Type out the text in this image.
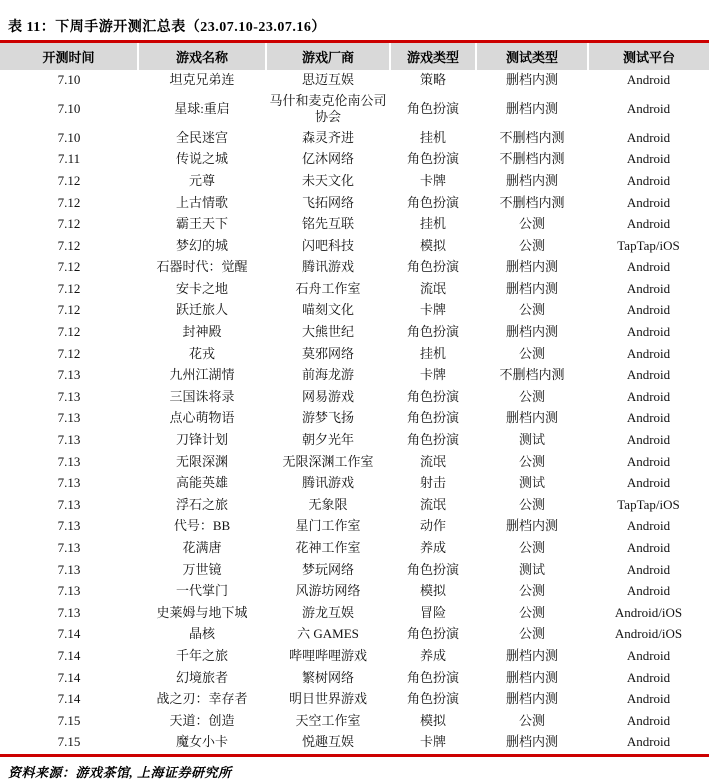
表 11：下周手游开测汇总表（23.07.10-23.07.16）
开测时间	游戏名称	游戏厂商	游戏类型	测试类型	测试平台
7.10	坦克兄弟连	思迈互娱	策略	删档内测	Android
7.10	星球:重启	马什和麦克伦南公司协会	角色扮演	删档内测	Android
7.10	全民迷宫	森灵齐进	挂机	不删档内测	Android
7.11	传说之城	亿沐网络	角色扮演	不删档内测	Android
7.12	元尊	未天文化	卡牌	删档内测	Android
7.12	上古情歌	飞拓网络	角色扮演	不删档内测	Android
7.12	霸王天下	铭先互联	挂机	公测	Android
7.12	梦幻的城	闪吧科技	模拟	公测	TapTap/iOS
7.12	石器时代：觉醒	腾讯游戏	角色扮演	删档内测	Android
7.12	安卡之地	石舟工作室	流氓	删档内测	Android
7.12	跃迁旅人	喵刻文化	卡牌	公测	Android
7.12	封神殿	大熊世纪	角色扮演	删档内测	Android
7.12	花戎	莫邪网络	挂机	公测	Android
7.13	九州江湖情	前海龙游	卡牌	不删档内测	Android
7.13	三国诛将录	网易游戏	角色扮演	公测	Android
7.13	点心萌物语	游梦飞扬	角色扮演	删档内测	Android
7.13	刀锋计划	朝夕光年	角色扮演	测试	Android
7.13	无限深渊	无限深渊工作室	流氓	公测	Android
7.13	高能英雄	腾讯游戏	射击	测试	Android
7.13	浮石之旅	无象限	流氓	公测	TapTap/iOS
7.13	代号：BB	星门工作室	动作	删档内测	Android
7.13	花满唐	花神工作室	养成	公测	Android
7.13	万世镜	梦玩网络	角色扮演	测试	Android
7.13	一代掌门	风游坊网络	模拟	公测	Android
7.13	史莱姆与地下城	游龙互娱	冒险	公测	Android/iOS
7.14	晶核	六 GAMES	角色扮演	公测	Android/iOS
7.14	千年之旅	哔哩哔哩游戏	养成	删档内测	Android
7.14	幻境旅者	繁树网络	角色扮演	删档内测	Android
7.14	战之刃：幸存者	明日世界游戏	角色扮演	删档内测	Android
7.15	天道：创造	天空工作室	模拟	公测	Android
7.15	魔女小卡	悦趣互娱	卡牌	删档内测	Android
资料来源：游戏茶馆, 上海证券研究所
